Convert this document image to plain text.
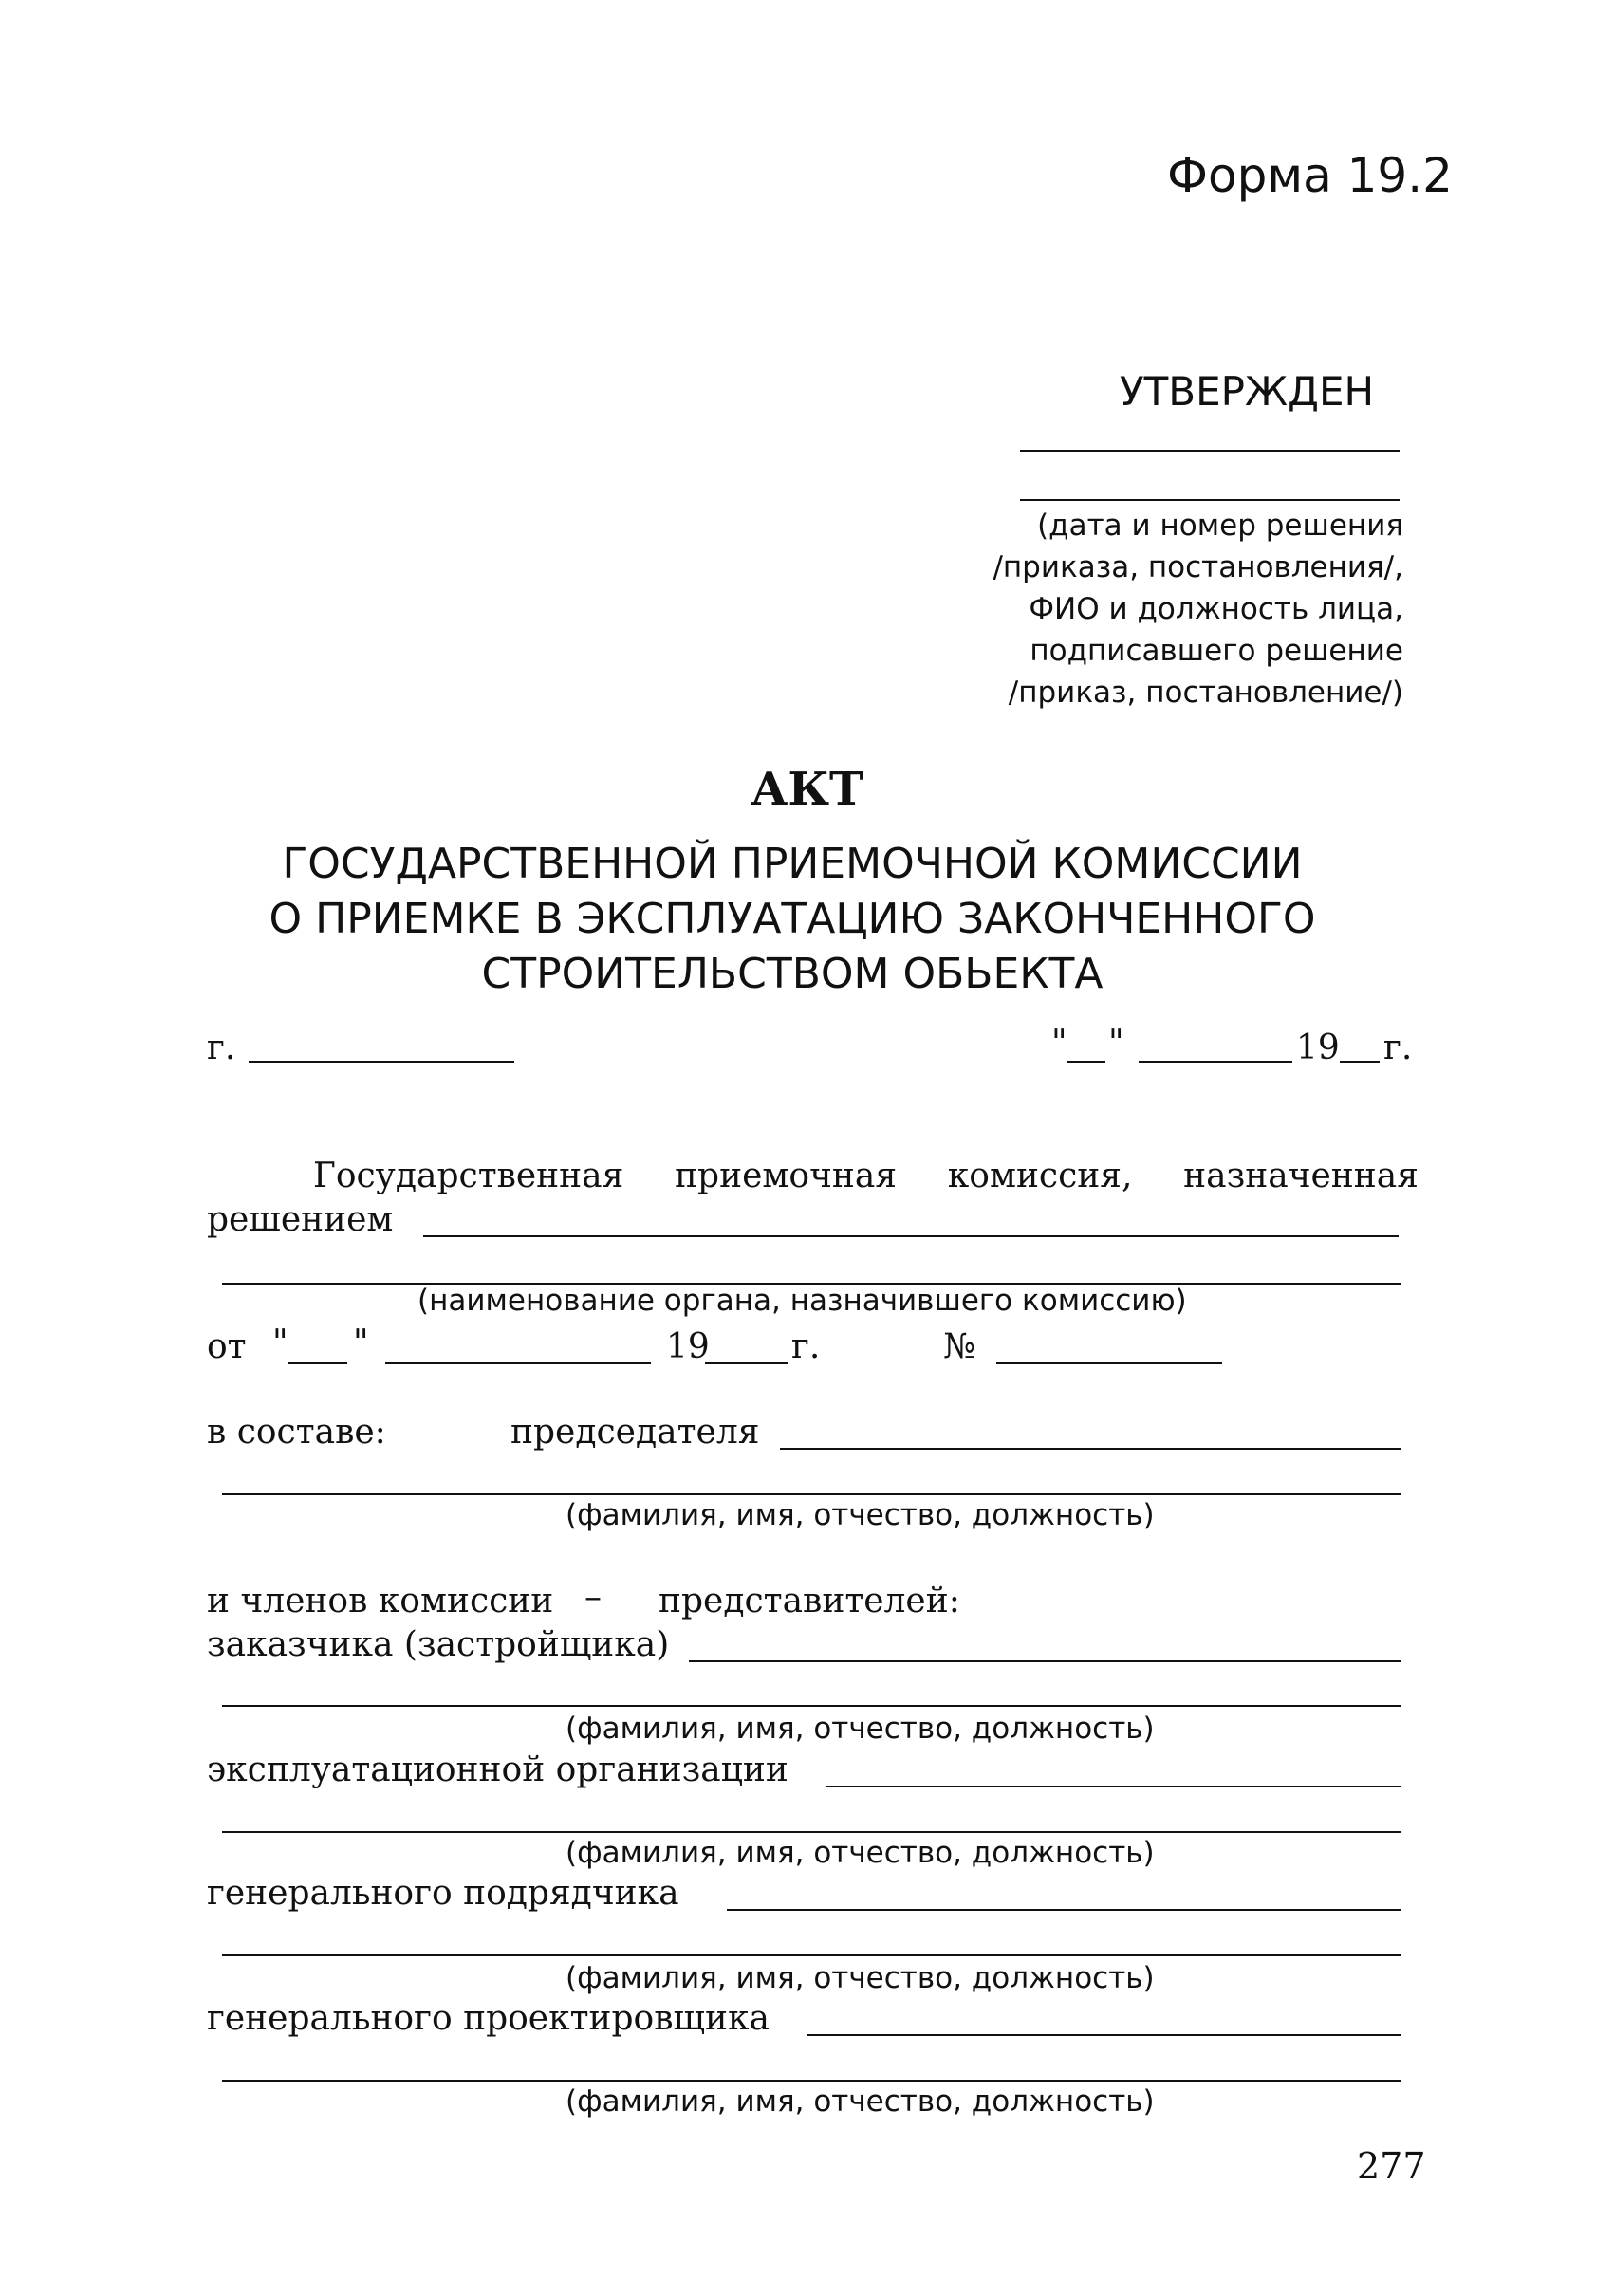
Форма 19.2
УТВЕРЖДЕН
(дата и номер решения
/приказа, постановления/,
ФИО и должность лица,
подписавшего решение
/приказ, постановление/)
АКТ
ГОСУДАРСТВЕННОЙ ПРИЕМОЧНОЙ КОМИССИИ
О ПРИЕМКЕ В ЭКСПЛУАТАЦИЮ ЗАКОНЧЕННОГО
СТРОИТЕЛЬСТВОМ ОБЬЕКТА
г.	" "	19 г.
Государственная приемочная комиссия, назначенная
решением
(наименование органа, назначившего комиссию)
от " "	19 г.	№
в составе:	председателя
(фамилия, имя, отчество, должность)
и членов комиссии – представителей:
заказчика (застройщика)
(фамилия, имя, отчество, должность)
эксплуатационной организации
(фамилия, имя, отчество, должность)
генерального подрядчика
(фамилия, имя, отчество, должность)
генерального проектировщика
(фамилия, имя, отчество, должность)
277
